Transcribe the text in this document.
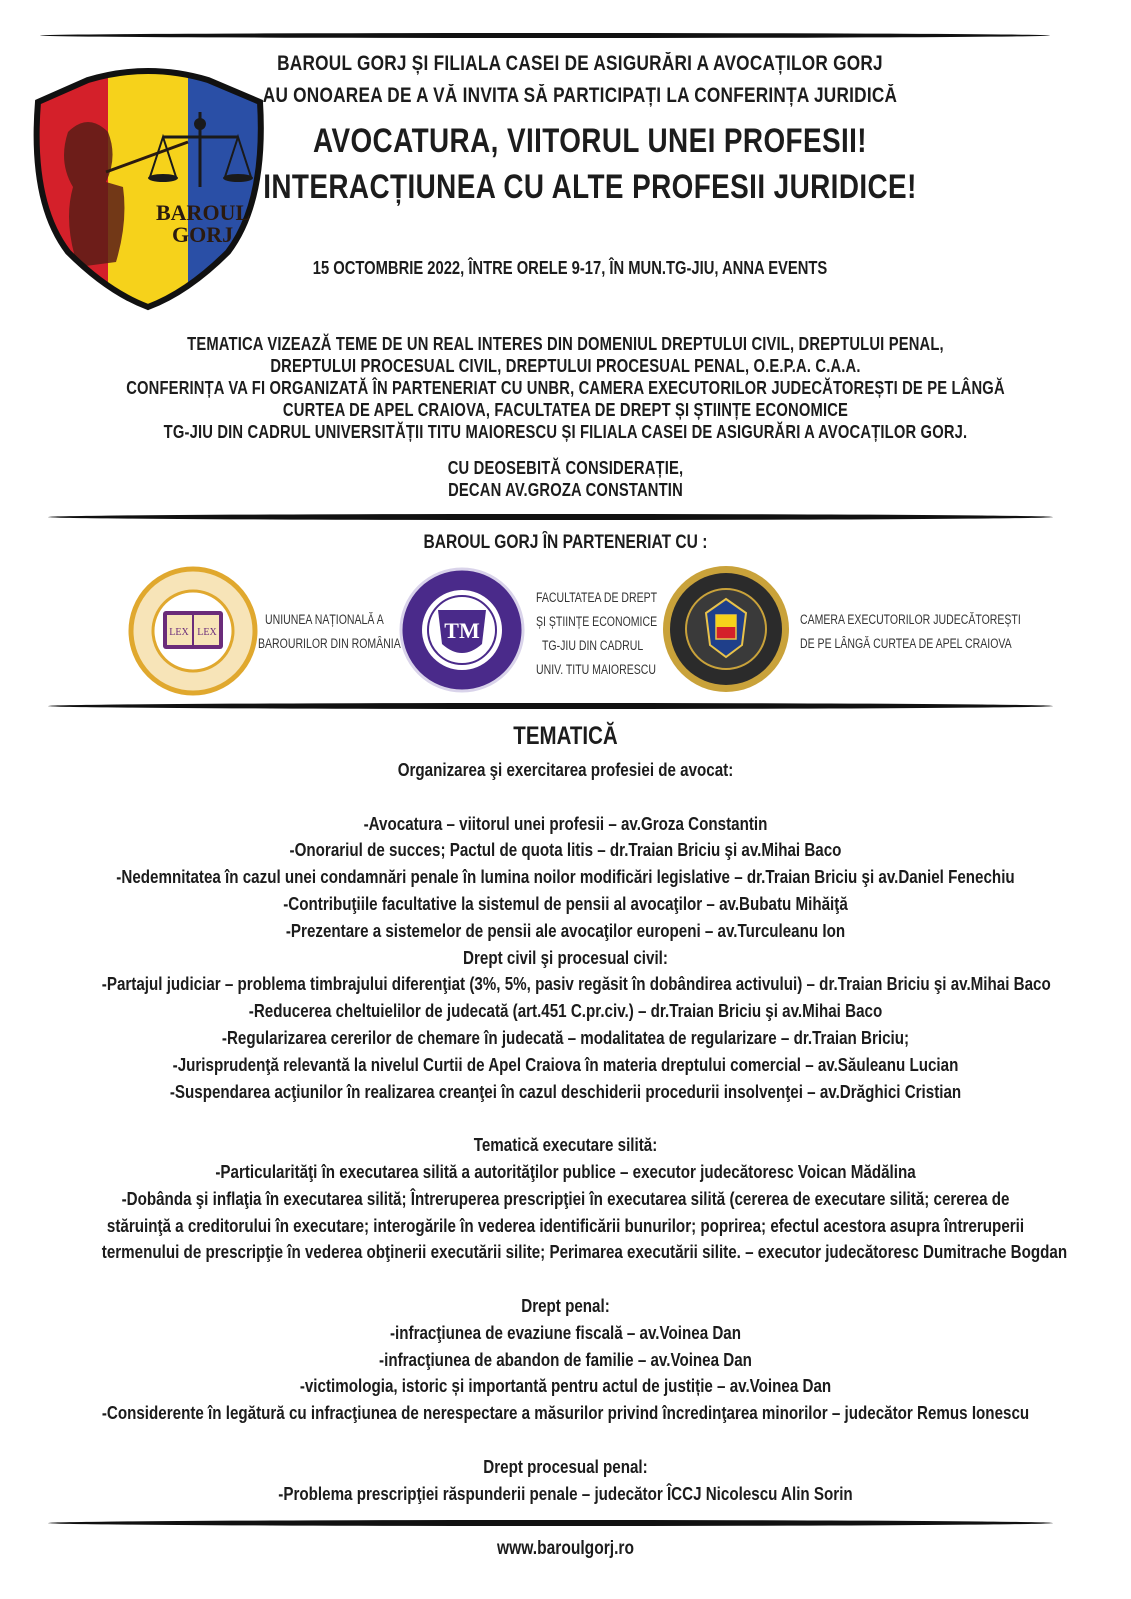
BAROUL
GORJ
BAROUL GORJ ȘI FILIALA CASEI DE ASIGURĂRI A AVOCAȚILOR GORJ
AU ONOAREA DE A VĂ INVITA SĂ PARTICIPAȚI LA CONFERINȚA JURIDICĂ
AVOCATURA, VIITORUL UNEI PROFESII!
INTERACȚIUNEA CU ALTE PROFESII JURIDICE!
15 OCTOMBRIE 2022, ÎNTRE ORELE 9-17, ÎN MUN.TG-JIU, ANNA EVENTS
TEMATICA VIZEAZĂ TEME DE UN REAL INTERES DIN DOMENIUL DREPTULUI CIVIL, DREPTULUI PENAL,
DREPTULUI PROCESUAL CIVIL, DREPTULUI PROCESUAL PENAL, O.E.P.A. C.A.A.
CONFERINȚA VA FI ORGANIZATĂ ÎN PARTENERIAT CU UNBR, CAMERA EXECUTORILOR JUDECĂTOREȘTI DE PE LÂNGĂ
CURTEA DE APEL CRAIOVA, FACULTATEA DE DREPT ȘI ȘTIINȚE ECONOMICE
TG-JIU DIN CADRUL UNIVERSITĂȚII TITU MAIORESCU ȘI FILIALA CASEI DE ASIGURĂRI A AVOCAȚILOR GORJ.
CU DEOSEBITĂ CONSIDERAȚIE,
DECAN AV.GROZA CONSTANTIN
BAROUL GORJ ÎN PARTENERIAT CU :
LEX LEX
UNIUNEA NAȚIONALĂ A
BAROURILOR DIN ROMÂNIA
TM
FACULTATEA DE DREPT
ȘI ȘTIINȚE ECONOMICE
TG-JIU DIN CADRUL
UNIV. TITU MAIORESCU
CAMERA EXECUTORILOR JUDECĂTOREȘTI
DE PE LÂNGĂ CURTEA DE APEL CRAIOVA
TEMATICĂ
Organizarea şi exercitarea profesiei de avocat:
-Avocatura – viitorul unei profesii – av.Groza Constantin
-Onorariul de succes; Pactul de quota litis – dr.Traian Briciu şi av.Mihai Baco
-Nedemnitatea în cazul unei condamnări penale în lumina noilor modificări legislative – dr.Traian Briciu şi av.Daniel Fenechiu
-Contribuţiile facultative la sistemul de pensii al avocaţilor – av.Bubatu Mihăiţă
-Prezentare a sistemelor de pensii ale avocaţilor europeni – av.Turculeanu Ion
Drept civil şi procesual civil:
-Partajul judiciar – problema timbrajului diferenţiat (3%, 5%, pasiv regăsit în dobândirea activului) – dr.Traian Briciu şi av.Mihai Baco
-Reducerea cheltuielilor de judecată (art.451 C.pr.civ.) – dr.Traian Briciu şi av.Mihai Baco
-Regularizarea cererilor de chemare în judecată – modalitatea de regularizare – dr.Traian Briciu;
-Jurisprudenţă relevantă la nivelul Curtii de Apel Craiova în materia dreptului comercial – av.Săuleanu Lucian
-Suspendarea acţiunilor în realizarea creanţei în cazul deschiderii procedurii insolvenţei – av.Drăghici Cristian
Tematică executare silită:
-Particularităţi în executarea silită a autorităţilor publice – executor judecătoresc Voican Mădălina
-Dobânda şi inflaţia în executarea silită; Întreruperea prescripţiei în executarea silită (cererea de executare silită; cererea de
stăruinţă a creditorului în executare; interogările în vederea identificării bunurilor; poprirea; efectul acestora asupra întreruperii
termenului de prescripţie în vederea obţinerii executării silite; Perimarea executării silite. – executor judecătoresc Dumitrache Bogdan
Drept penal:
-infracţiunea de evaziune fiscală – av.Voinea Dan
-infracţiunea de abandon de familie – av.Voinea Dan
-victimologia, istoric și importantă pentru actul de justiție – av.Voinea Dan
-Considerente în legătură cu infracţiunea de nerespectare a măsurilor privind încredinţarea minorilor – judecător Remus Ionescu
Drept procesual penal:
-Problema prescripţiei răspunderii penale – judecător ÎCCJ Nicolescu Alin Sorin
www.baroulgorj.ro
